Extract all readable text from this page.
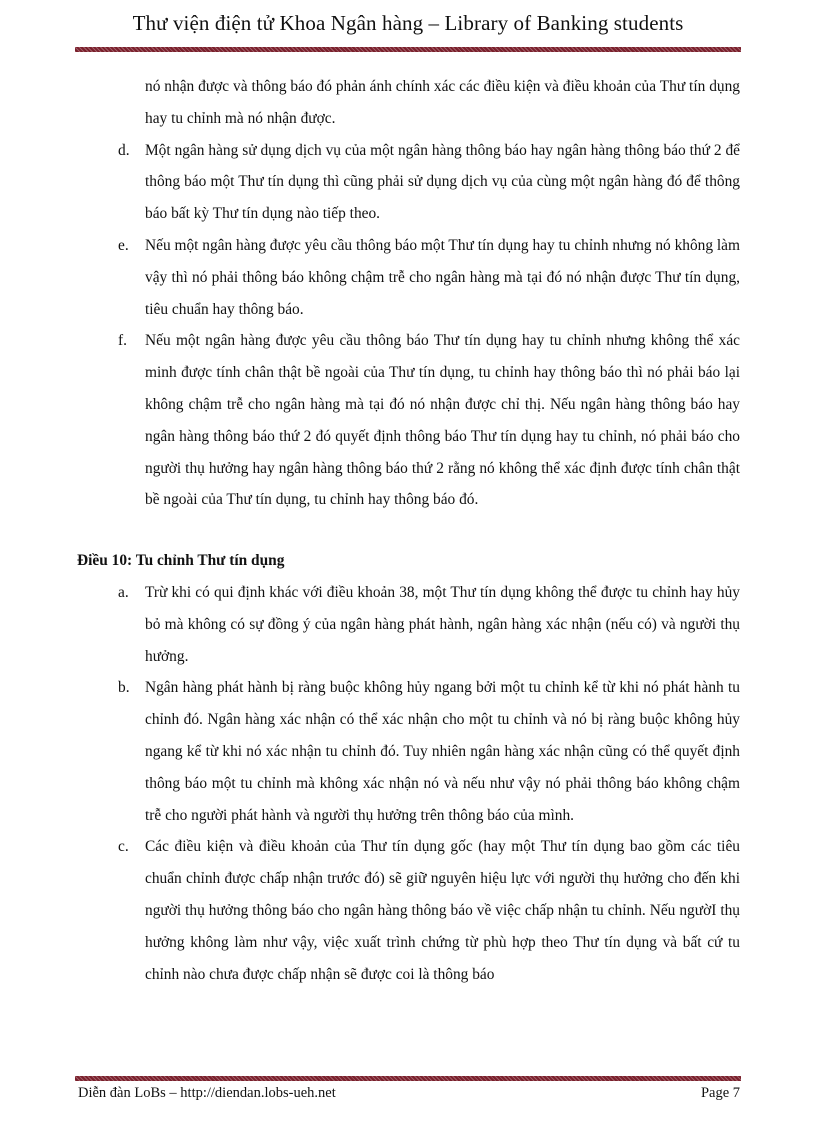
Thư viện điện tử Khoa Ngân hàng – Library of Banking students
nó nhận được và thông báo đó phản ánh chính xác các điều kiện và điều khoản của Thư tín dụng hay tu chỉnh mà nó nhận được.
d. Một ngân hàng sử dụng dịch vụ của một ngân hàng thông báo hay ngân hàng thông báo thứ 2 để thông báo một Thư tín dụng thì cũng phải sử dụng dịch vụ của cùng một ngân hàng đó để thông báo bất kỳ Thư tín dụng nào tiếp theo.
e. Nếu một ngân hàng được yêu cầu thông báo một Thư tín dụng hay tu chỉnh nhưng nó không làm vậy thì nó phải thông báo không chậm trễ cho ngân hàng mà tại đó nó nhận được Thư tín dụng, tiêu chuẩn hay thông báo.
f. Nếu một ngân hàng được yêu cầu thông báo Thư tín dụng hay tu chỉnh nhưng không thể xác minh được tính chân thật bề ngoài của Thư tín dụng, tu chỉnh hay thông báo thì nó phải báo lại không chậm trễ cho ngân hàng mà tại đó nó nhận được chỉ thị. Nếu ngân hàng thông báo hay ngân hàng thông báo thứ 2 đó quyết định thông báo Thư tín dụng hay tu chỉnh, nó phải báo cho người thụ hưởng hay ngân hàng thông báo thứ 2 rằng nó không thể xác định được tính chân thật bề ngoài của Thư tín dụng, tu chỉnh hay thông báo đó.
Điều 10: Tu chỉnh Thư tín dụng
a. Trừ khi có qui định khác với điều khoản 38, một Thư tín dụng không thể được tu chỉnh hay hủy bỏ mà không có sự đồng ý của ngân hàng phát hành, ngân hàng xác nhận (nếu có) và người thụ hưởng.
b. Ngân hàng phát hành bị ràng buộc không hủy ngang bởi một tu chỉnh kể từ khi nó phát hành tu chỉnh đó. Ngân hàng xác nhận có thể xác nhận cho một tu chỉnh và nó bị ràng buộc không hủy ngang kể từ khi nó xác nhận tu chỉnh đó. Tuy nhiên ngân hàng xác nhận cũng có thể quyết định thông báo một tu chỉnh mà không xác nhận nó và nếu như vậy nó phải thông báo không chậm trễ cho người phát hành và người thụ hưởng trên thông báo của mình.
c. Các điều kiện và điều khoản của Thư tín dụng gốc (hay một Thư tín dụng bao gồm các tiêu chuẩn chỉnh được chấp nhận trước đó) sẽ giữ nguyên hiệu lực với người thụ hưởng cho đến khi người thụ hưởng thông báo cho ngân hàng thông báo về việc chấp nhận tu chỉnh. Nếu ngườI thụ hưởng không làm như vậy, việc xuất trình chứng từ phù hợp theo Thư tín dụng và bất cứ tu chỉnh nào chưa được chấp nhận sẽ được coi là thông báo
Diễn đàn LoBs – http://diendan.lobs-ueh.net	Page 7
